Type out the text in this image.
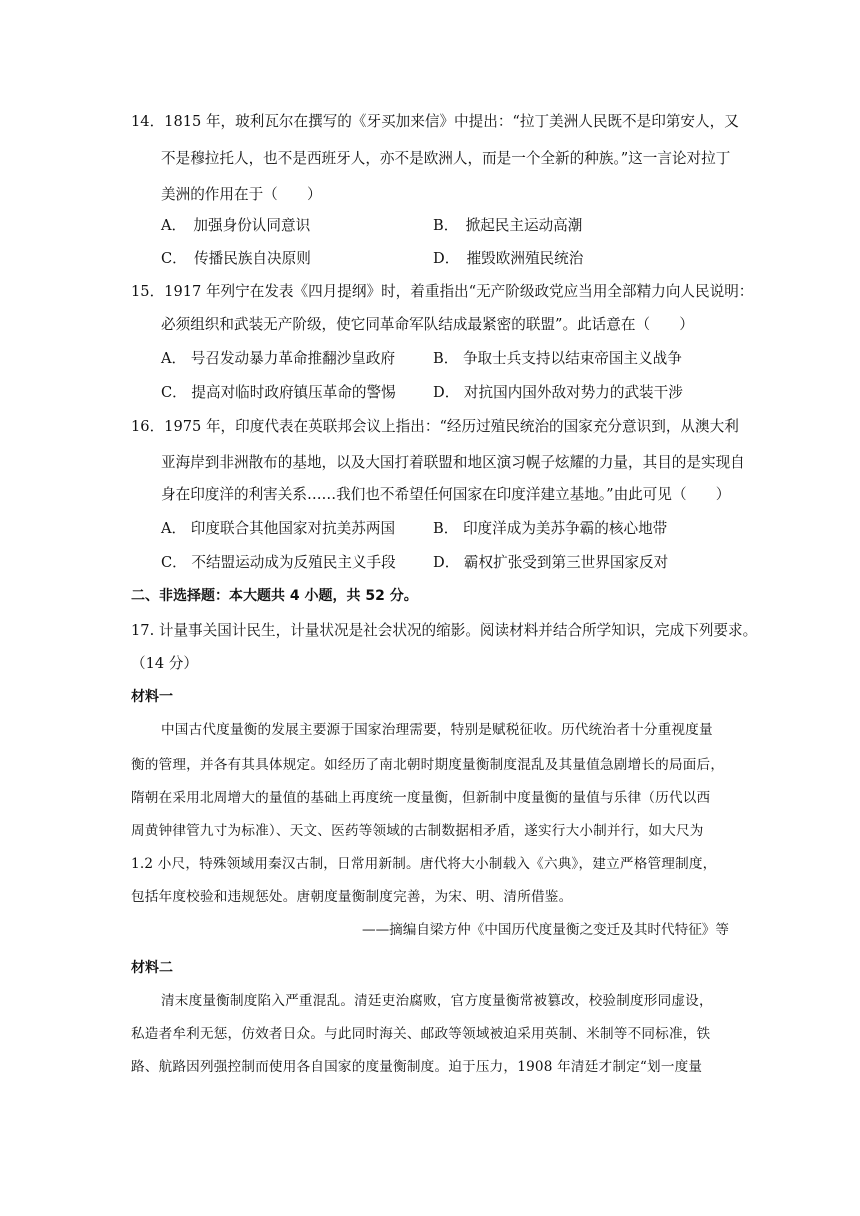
14．1815 年，玻利瓦尔在撰写的《牙买加来信》中提出：“拉丁美洲人民既不是印第安人，又
不是穆拉托人，也不是西班牙人，亦不是欧洲人，而是一个全新的种族。”这一言论对拉丁
美洲的作用在于（　　）
A．　加强身份认同意识	B．　掀起民主运动高潮
C．　传播民族自决原则	D．　摧毁欧洲殖民统治
15．1917 年列宁在发表《四月提纲》时，着重指出“无产阶级政党应当用全部精力向人民说明：
必须组织和武装无产阶级，使它同革命军队结成最紧密的联盟”。此话意在（　　）
A． 号召发动暴力革命推翻沙皇政府	B． 争取士兵支持以结束帝国主义战争
C． 提高对临时政府镇压革命的警惕	D． 对抗国内国外敌对势力的武装干涉
16．1975 年，印度代表在英联邦会议上指出：“经历过殖民统治的国家充分意识到，从澳大利
亚海岸到非洲散布的基地，以及大国打着联盟和地区演习幌子炫耀的力量，其目的是实现自
身在印度洋的利害关系……我们也不希望任何国家在印度洋建立基地。”由此可见（　　）
A． 印度联合其他国家对抗美苏两国	B． 印度洋成为美苏争霸的核心地带
C． 不结盟运动成为反殖民主义手段	D． 霸权扩张受到第三世界国家反对
二、非选择题：本大题共 4 小题，共 52 分。
17. 计量事关国计民生，计量状况是社会状况的缩影。阅读材料并结合所学知识，完成下列要求。
（14 分）
材料一
中国古代度量衡的发展主要源于国家治理需要，特别是赋税征收。历代统治者十分重视度量
衡的管理，并各有其具体规定。如经历了南北朝时期度量衡制度混乱及其量值急剧增长的局面后，
隋朝在采用北周增大的量值的基础上再度统一度量衡，但新制中度量衡的量值与乐律（历代以西
周黄钟律管九寸为标准）、天文、医药等领域的古制数据相矛盾，遂实行大小制并行，如大尺为
1.2 小尺，特殊领域用秦汉古制，日常用新制。唐代将大小制载入《六典》，建立严格管理制度，
包括年度校验和违规惩处。唐朝度量衡制度完善，为宋、明、清所借鉴。
——摘编自梁方仲《中国历代度量衡之变迁及其时代特征》等
材料二
清末度量衡制度陷入严重混乱。清廷吏治腐败，官方度量衡常被篡改，校验制度形同虚设，
私造者牟利无惩，仿效者日众。与此同时海关、邮政等领域被迫采用英制、米制等不同标准，铁
路、航路因列强控制而使用各自国家的度量衡制度。迫于压力，1908 年清廷才制定“划一度量
